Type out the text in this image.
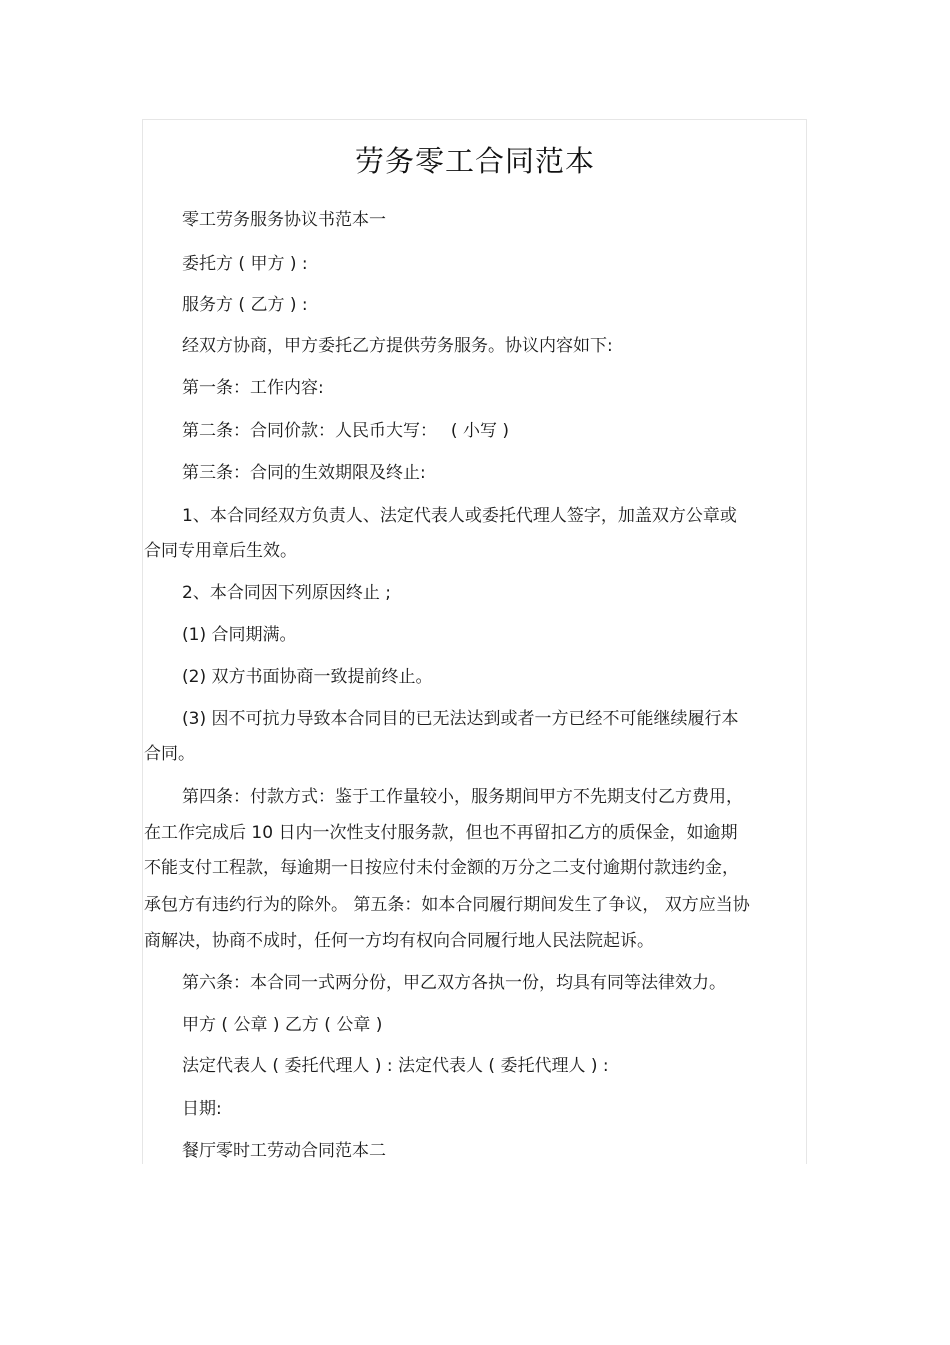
劳务零工合同范本
零工劳务服务协议书范本一
委托方 ( 甲方 ) :
服务方 ( 乙方 ) :
经双方协商，甲方委托乙方提供劳务服务。协议内容如下:
第一条：工作内容:
第二条：合同价款：人民币大写：　 ( 小写 )
第三条：合同的生效期限及终止:
1、本合同经双方负责人、法定代表人或委托代理人签字，加盖双方公章或
合同专用章后生效。
2、本合同因下列原因终止 ;
(1) 合同期满。
(2) 双方书面协商一致提前终止。
(3) 因不可抗力导致本合同目的已无法达到或者一方已经不可能继续履行本
合同。
第四条：付款方式：鉴于工作量较小，服务期间甲方不先期支付乙方费用，
在工作完成后 10 日内一次性支付服务款，但也不再留扣乙方的质保金，如逾期
不能支付工程款，每逾期一日按应付未付金额的万分之二支付逾期付款违约金，
承包方有违约行为的除外。 第五条：如本合同履行期间发生了争议， 双方应当协
商解决，协商不成时，任何一方均有权向合同履行地人民法院起诉。
第六条：本合同一式两分份，甲乙双方各执一份，均具有同等法律效力。
甲方 ( 公章 ) 乙方 ( 公章 )
法定代表人 ( 委托代理人 ) : 法定代表人 ( 委托代理人 ) :
日期:
餐厅零时工劳动合同范本二
